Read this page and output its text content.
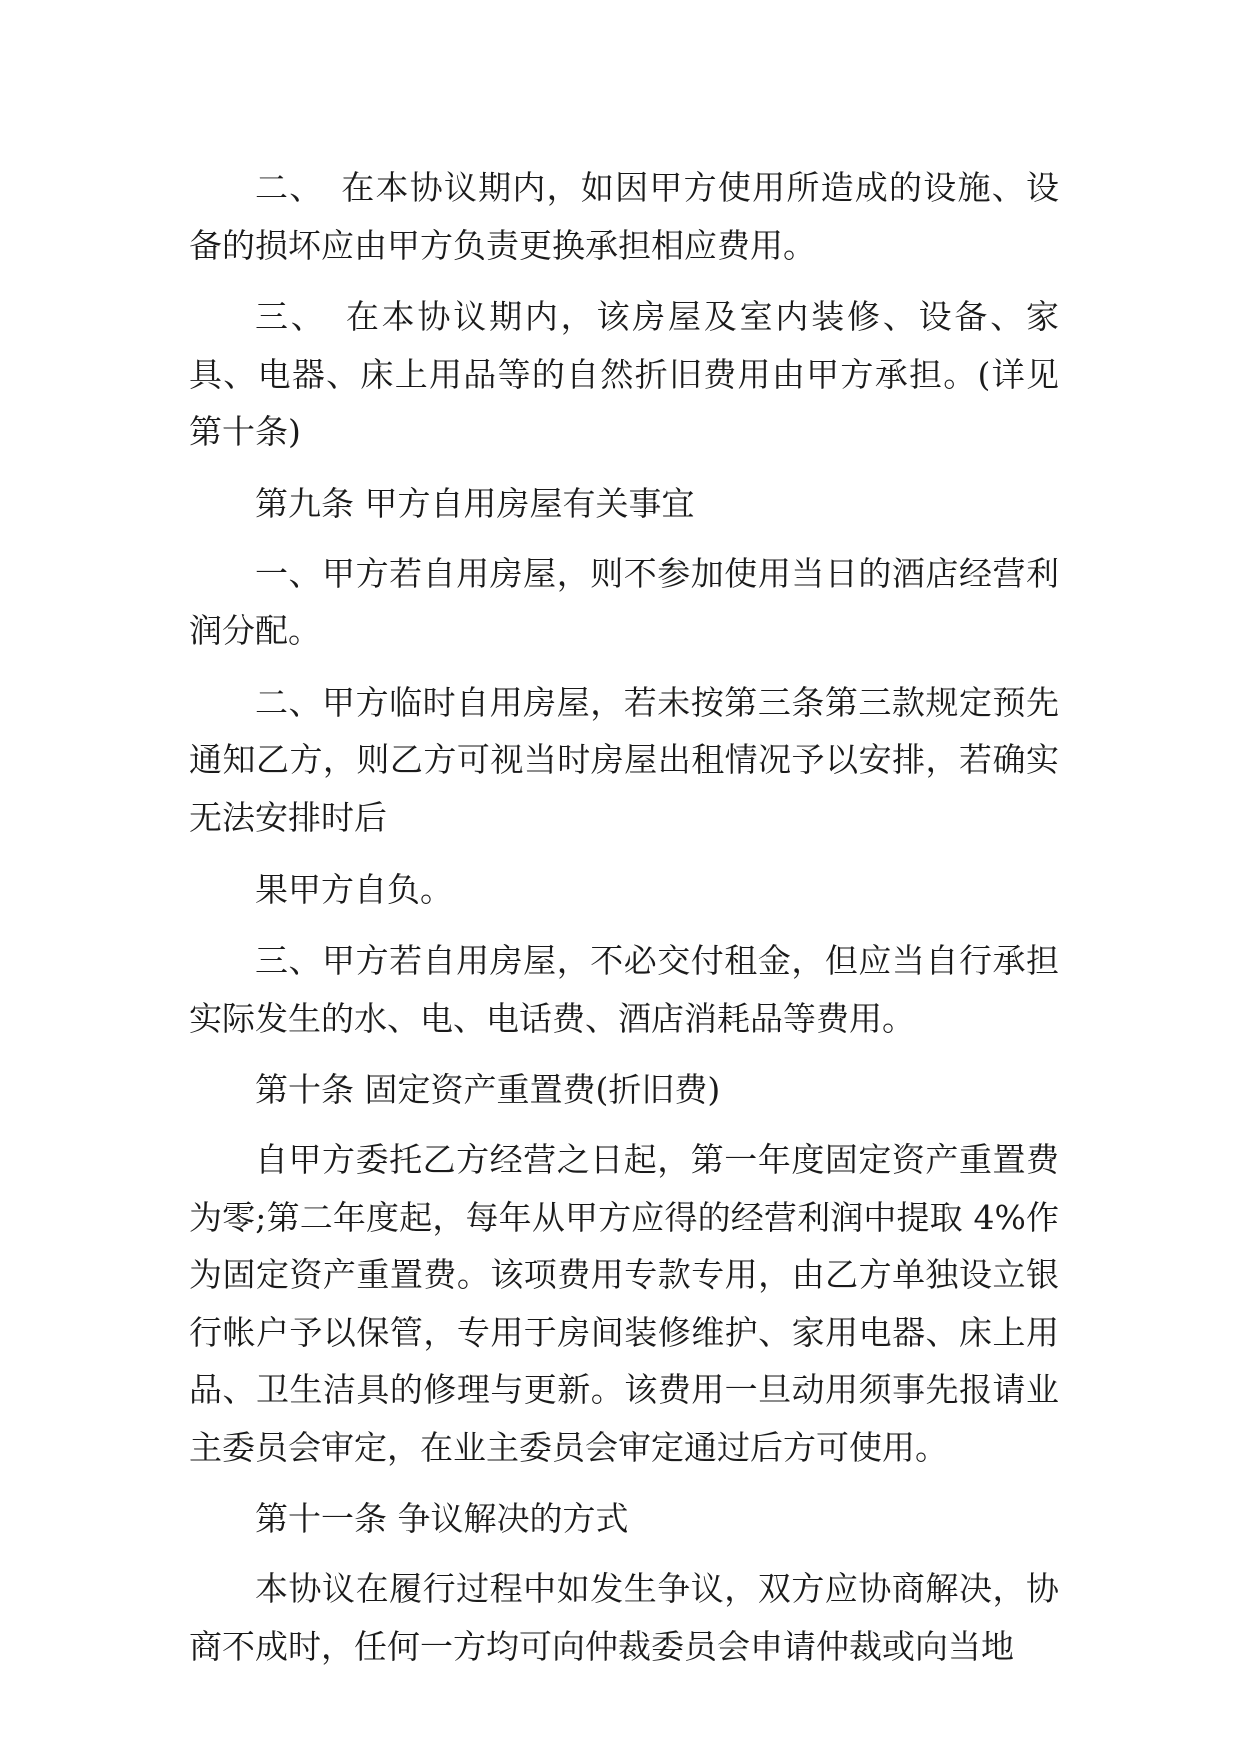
二、　在本协议期内，如因甲方使用所造成的设施、设备的损坏应由甲方负责更换承担相应费用。

三、　在本协议期内，该房屋及室内装修、设备、家具、电器、床上用品等的自然折旧费用由甲方承担。(详见第十条)

第九条 甲方自用房屋有关事宜

一、甲方若自用房屋，则不参加使用当日的酒店经营利润分配。

二、甲方临时自用房屋，若未按第三条第三款规定预先通知乙方，则乙方可视当时房屋出租情况予以安排，若确实无法安排时后

果甲方自负。

三、甲方若自用房屋，不必交付租金，但应当自行承担实际发生的水、电、电话费、酒店消耗品等费用。

第十条 固定资产重置费(折旧费)

自甲方委托乙方经营之日起，第一年度固定资产重置费为零;第二年度起，每年从甲方应得的经营利润中提取 4%作为固定资产重置费。该项费用专款专用，由乙方单独设立银行帐户予以保管，专用于房间装修维护、家用电器、床上用品、卫生洁具的修理与更新。该费用一旦动用须事先报请业主委员会审定，在业主委员会审定通过后方可使用。

第十一条 争议解决的方式

本协议在履行过程中如发生争议，双方应协商解决，协商不成时，任何一方均可向仲裁委员会申请仲裁或向当地
